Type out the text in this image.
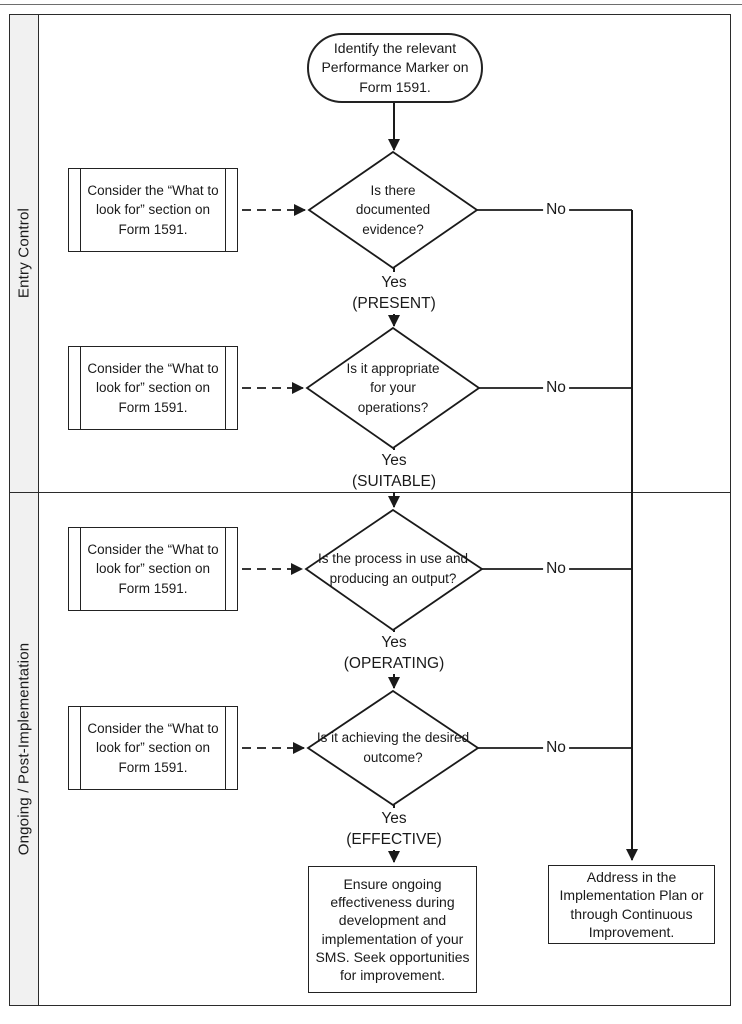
Entry Control
Ongoing / Post-Implementation
Identify the relevant Performance Marker on Form 1591.
Consider the “What to look for” section on Form 1591.
Consider the “What to look for” section on Form 1591.
Consider the “What to look for” section on Form 1591.
Consider the “What to look for” section on Form 1591.
Is there documented evidence?
Is it appropriate for your operations?
Is the process in use and producing an output?
Is it achieving the desired outcome?
Yes
(PRESENT)
Yes
(SUITABLE)
Yes
(OPERATING)
Yes
(EFFECTIVE)
No
No
No
No
Ensure ongoing effectiveness during development and implementation of your SMS. Seek opportunities for improvement.
Address in the Implementation Plan or through Continuous Improvement.
